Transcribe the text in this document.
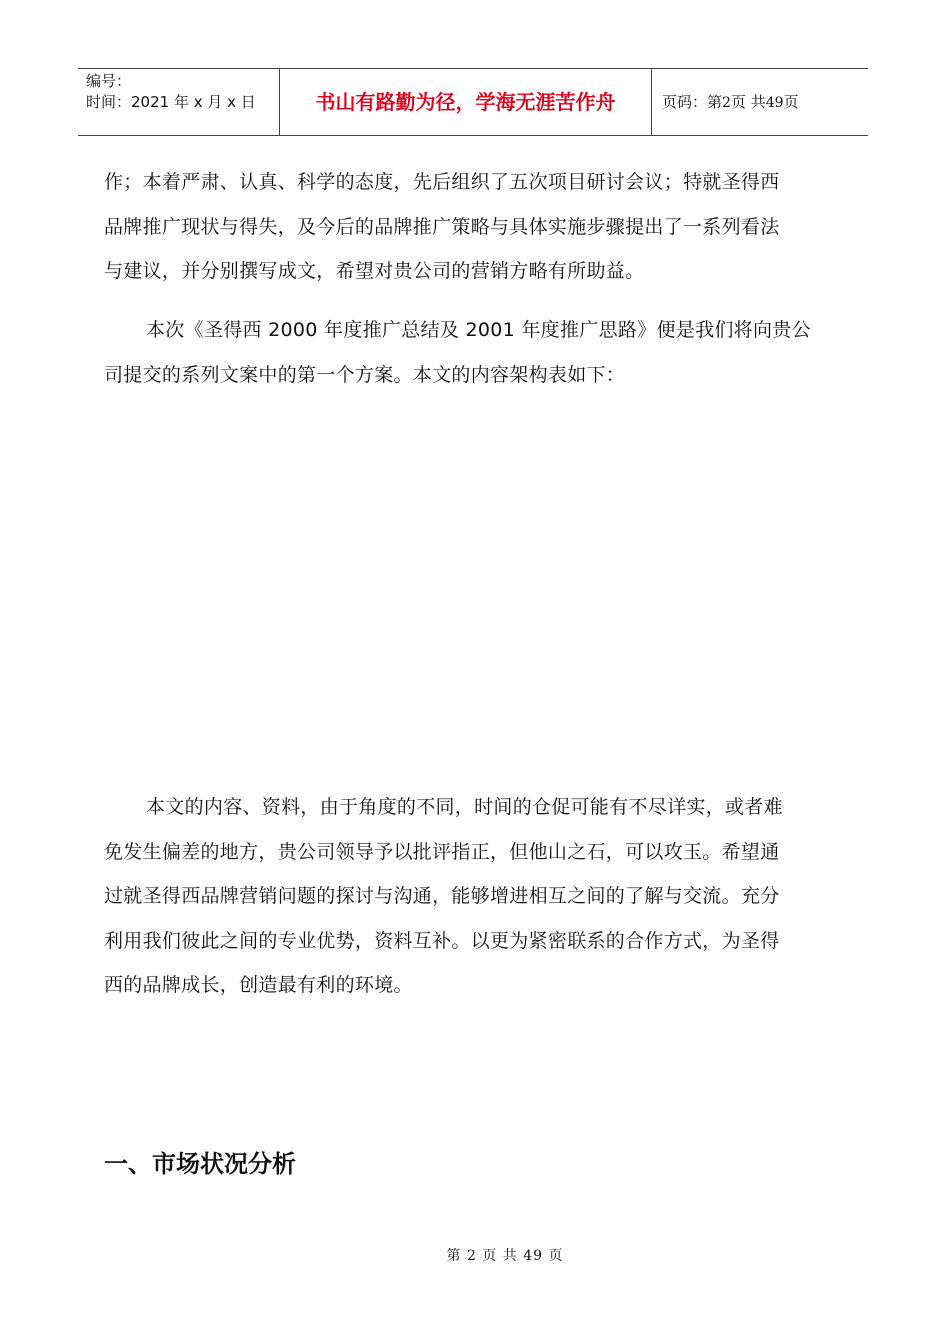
编号：
时间：2021 年 x 月 x 日	书山有路勤为径，学海无涯苦作舟	页码：第2页 共49页
作；本着严肃、认真、科学的态度，先后组织了五次项目研讨会议；特就圣得西
品牌推广现状与得失，及今后的品牌推广策略与具体实施步骤提出了一系列看法
与建议，并分别撰写成文，希望对贵公司的营销方略有所助益。
本次《圣得西 2000 年度推广总结及 2001 年度推广思路》便是我们将向贵公
司提交的系列文案中的第一个方案。本文的内容架构表如下：
本文的内容、资料，由于角度的不同，时间的仓促可能有不尽详实，或者难
免发生偏差的地方，贵公司领导予以批评指正，但他山之石，可以攻玉。希望通
过就圣得西品牌营销问题的探讨与沟通，能够增进相互之间的了解与交流。充分
利用我们彼此之间的专业优势，资料互补。以更为紧密联系的合作方式，为圣得
西的品牌成长，创造最有利的环境。
一、市场状况分析
第 2 页 共 49 页
